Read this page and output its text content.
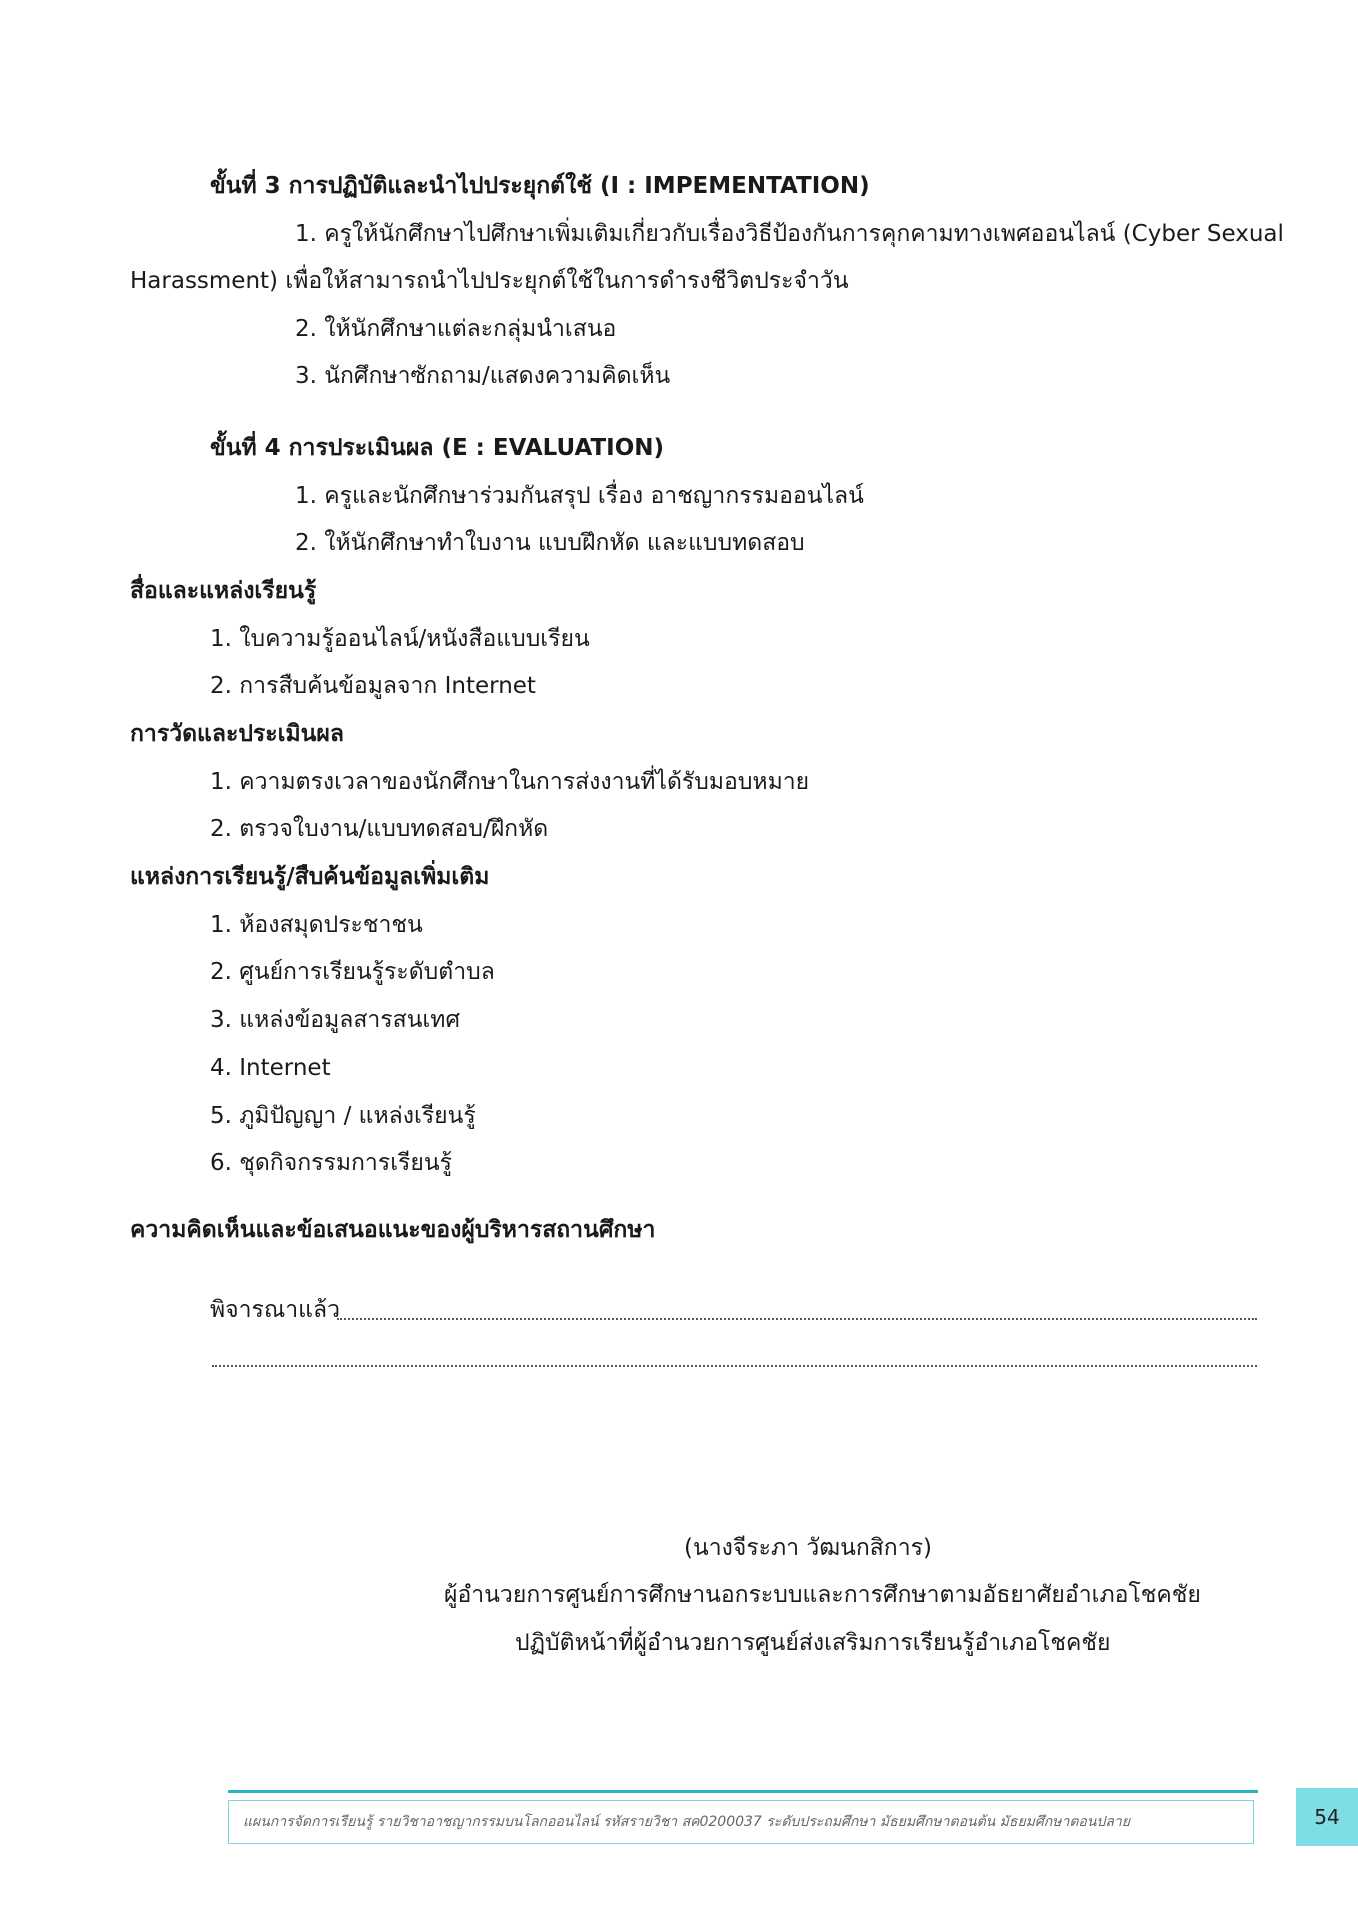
ขั้นที่ 3 การปฏิบัติและนำไปประยุกต์ใช้ (I : IMPEMENTATION)
1. ครูให้นักศึกษาไปศึกษาเพิ่มเติมเกี่ยวกับเรื่องวิธีป้องกันการคุกคามทางเพศออนไลน์ (Cyber Sexual
Harassment) เพื่อให้สามารถนำไปประยุกต์ใช้ในการดำรงชีวิตประจำวัน
2. ให้นักศึกษาแต่ละกลุ่มนำเสนอ
3. นักศึกษาซักถาม/แสดงความคิดเห็น
ขั้นที่ 4 การประเมินผล (E : EVALUATION)
1. ครูและนักศึกษาร่วมกันสรุป เรื่อง อาชญากรรมออนไลน์
2. ให้นักศึกษาทำใบงาน แบบฝึกหัด และแบบทดสอบ
สื่อและแหล่งเรียนรู้
1. ใบความรู้ออนไลน์/หนังสือแบบเรียน
2. การสืบค้นข้อมูลจาก Internet
การวัดและประเมินผล
1. ความตรงเวลาของนักศึกษาในการส่งงานที่ได้รับมอบหมาย
2. ตรวจใบงาน/แบบทดสอบ/ฝึกหัด
แหล่งการเรียนรู้/สืบค้นข้อมูลเพิ่มเติม
1. ห้องสมุดประชาชน
2. ศูนย์การเรียนรู้ระดับตำบล
3. แหล่งข้อมูลสารสนเทศ
4. Internet
5. ภูมิปัญญา / แหล่งเรียนรู้
6. ชุดกิจกรรมการเรียนรู้
ความคิดเห็นและข้อเสนอแนะของผู้บริหารสถานศึกษา
พิจารณาแล้ว
(นางจีระภา วัฒนกสิการ)
ผู้อำนวยการศูนย์การศึกษานอกระบบและการศึกษาตามอัธยาศัยอำเภอโชคชัย
ปฏิบัติหน้าที่ผู้อำนวยการศูนย์ส่งเสริมการเรียนรู้อำเภอโชคชัย
แผนการจัดการเรียนรู้ รายวิชาอาชญากรรมบนโลกออนไลน์ รหัสรายวิชา สค0200037 ระดับประถมศึกษา มัธยมศึกษาตอนต้น มัธยมศึกษาตอนปลาย	54
